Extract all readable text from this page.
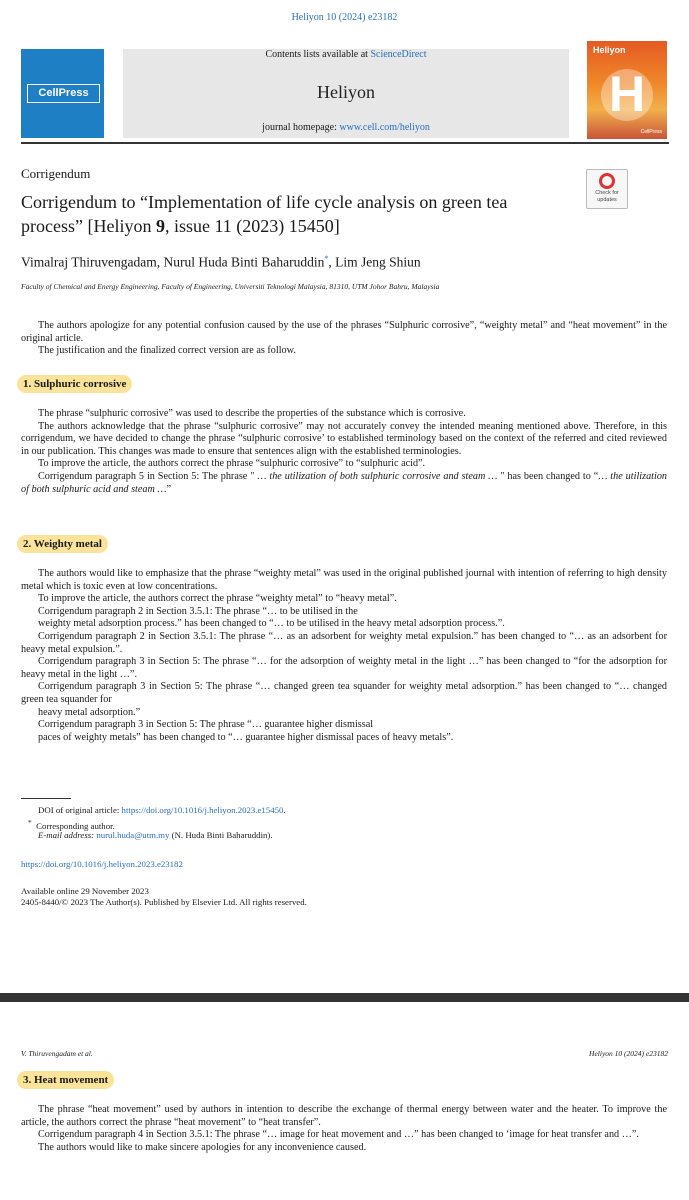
Heliyon 10 (2024) e23182
CellPress
Contents lists available at ScienceDirect
Heliyon
journal homepage: www.cell.com/heliyon
Heliyon
H
CellPress
Corrigendum
Corrigendum to “Implementation of life cycle analysis on green tea process” [Heliyon 9, issue 11 (2023) 15450]
Check for updates
Vimalraj Thiruvengadam, Nurul Huda Binti Baharuddin*, Lim Jeng Shiun
Faculty of Chemical and Energy Engineering, Faculty of Engineering, Universiti Teknologi Malaysia, 81310, UTM Johor Bahru, Malaysia

The authors apologize for any potential confusion caused by the use of the phrases “Sulphuric corrosive”, “weighty metal” and “heat movement” in the original article.

The justification and the finalized correct version are as follow.

1. Sulphuric corrosive

The phrase “sulphuric corrosive” was used to describe the properties of the substance which is corrosive.

The authors acknowledge that the phrase “sulphuric corrosive” may not accurately convey the intended meaning mentioned above. Therefore, in this corrigendum, we have decided to change the phrase “sulphuric corrosive’ to established terminology based on the context of the referred and cited reviewed in our publication. This changes was made to ensure that sentences align with the established terminologies.

To improve the article, the authors correct the phrase “sulphuric corrosive” to “sulphuric acid”.

Corrigendum paragraph 5 in Section 5: The phrase " … the utilization of both sulphuric corrosive and steam … " has been changed to “… the utilization of both sulphuric acid and steam …”

2. Weighty metal

The authors would like to emphasize that the phrase “weighty metal” was used in the original published journal with intention of referring to high density metal which is toxic even at low concentrations.

To improve the article, the authors correct the phrase “weighty metal” to “heavy metal”.

Corrigendum paragraph 2 in Section 3.5.1: The phrase “… to be utilised in the

weighty metal adsorption process.” has been changed to “… to be utilised in the heavy metal adsorption process.”.

Corrigendum paragraph 2 in Section 3.5.1: The phrase “… as an adsorbent for weighty metal expulsion.” has been changed to “… as an adsorbent for heavy metal expulsion.”.

Corrigendum paragraph 3 in Section 5: The phrase “… for the adsorption of weighty metal in the light …” has been changed to “for the adsorption for heavy metal in the light …”.

Corrigendum paragraph 3 in Section 5: The phrase “… changed green tea squander for weighty metal adsorption.” has been changed to “… changed green tea squander for

heavy metal adsorption.”

Corrigendum paragraph 3 in Section 5: The phrase “… guarantee higher dismissal

paces of weighty metals” has been changed to “… guarantee higher dismissal paces of heavy metals”.

DOI of original article: https://doi.org/10.1016/j.heliyon.2023.e15450.
* Corresponding author.
E-mail address: nurul.huda@utm.my (N. Huda Binti Baharuddin).
https://doi.org/10.1016/j.heliyon.2023.e23182
Available online 29 November 2023
2405-8440/© 2023 The Author(s). Published by Elsevier Ltd. All rights reserved.
V. Thiruvengadam et al.	Heliyon 10 (2024) e23182
3. Heat movement

The phrase “heat movement” used by authors in intention to describe the exchange of thermal energy between water and the heater. To improve the article, the authors correct the phrase “heat movement” to “heat transfer”.

Corrigendum paragraph 4 in Section 3.5.1: The phrase “… image for heat movement and …” has been changed to ‘image for heat transfer and …”.

The authors would like to make sincere apologies for any inconvenience caused.
